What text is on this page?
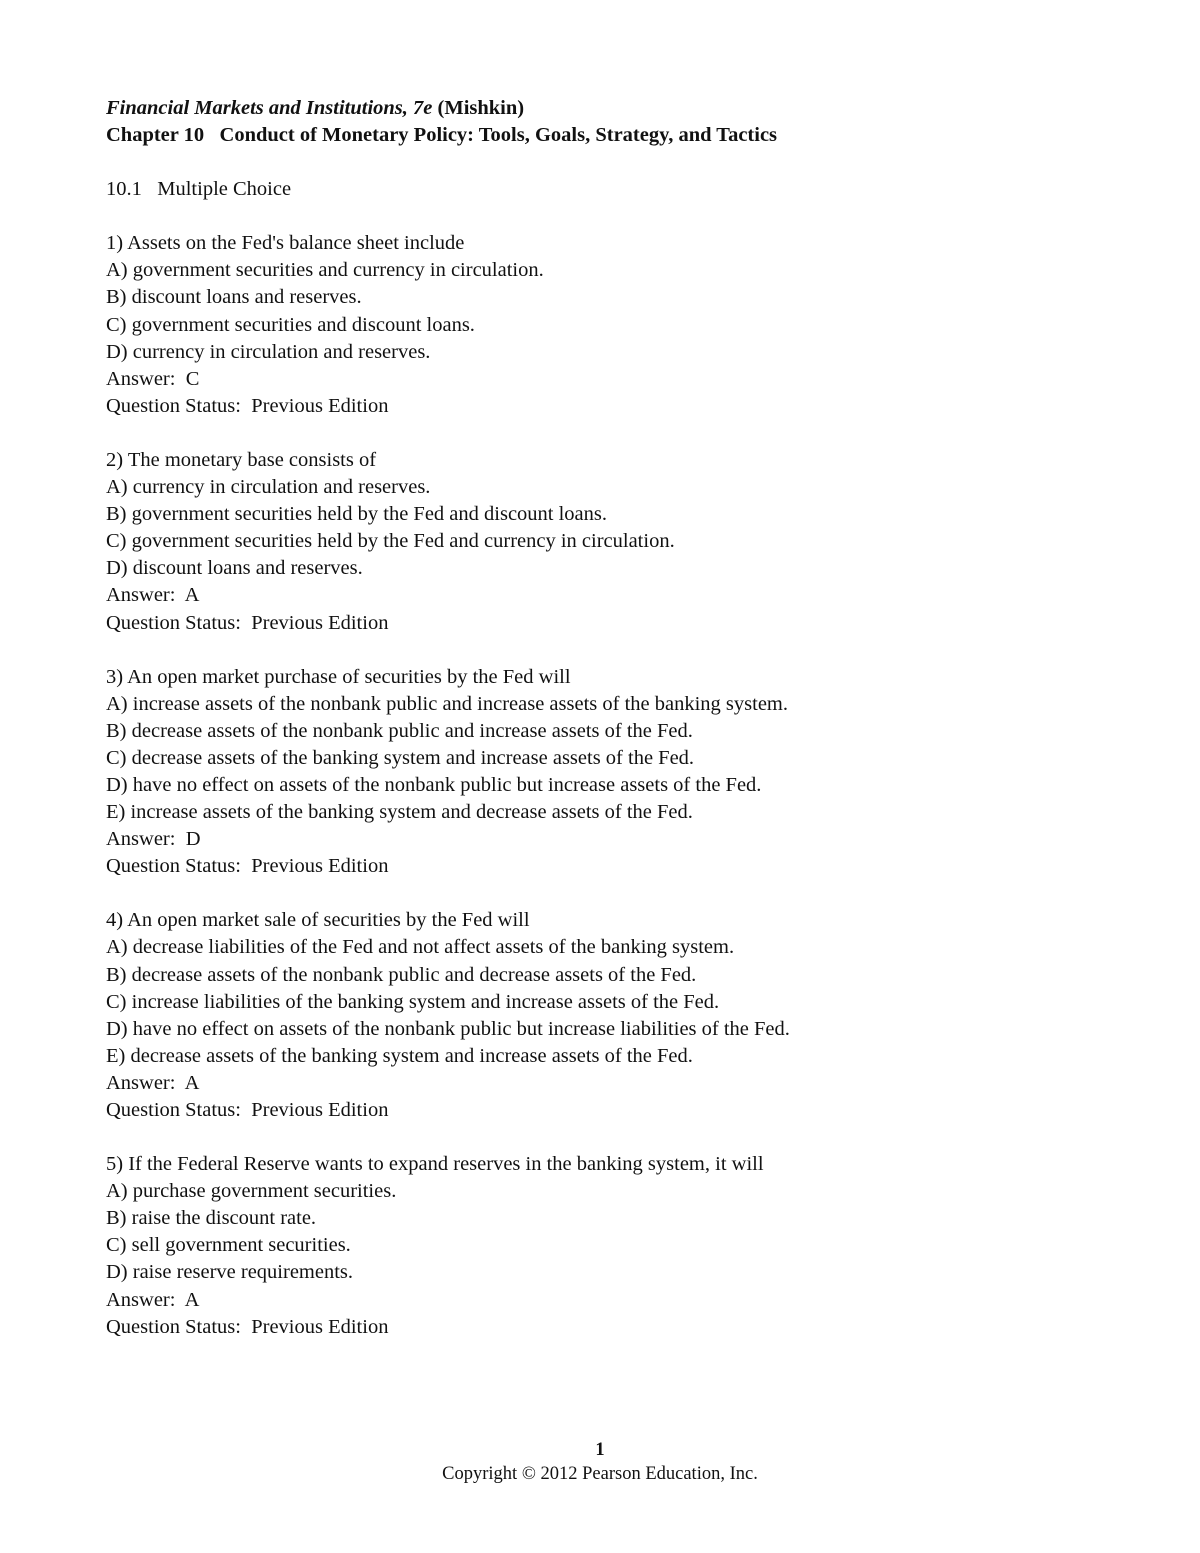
Financial Markets and Institutions, 7e (Mishkin)
Chapter 10   Conduct of Monetary Policy: Tools, Goals, Strategy, and Tactics
10.1   Multiple Choice
1) Assets on the Fed's balance sheet include
A) government securities and currency in circulation.
B) discount loans and reserves.
C) government securities and discount loans.
D) currency in circulation and reserves.
Answer:  C
Question Status:  Previous Edition
2) The monetary base consists of
A) currency in circulation and reserves.
B) government securities held by the Fed and discount loans.
C) government securities held by the Fed and currency in circulation.
D) discount loans and reserves.
Answer:  A
Question Status:  Previous Edition
3) An open market purchase of securities by the Fed will
A) increase assets of the nonbank public and increase assets of the banking system.
B) decrease assets of the nonbank public and increase assets of the Fed.
C) decrease assets of the banking system and increase assets of the Fed.
D) have no effect on assets of the nonbank public but increase assets of the Fed.
E) increase assets of the banking system and decrease assets of the Fed.
Answer:  D
Question Status:  Previous Edition
4) An open market sale of securities by the Fed will
A) decrease liabilities of the Fed and not affect assets of the banking system.
B) decrease assets of the nonbank public and decrease assets of the Fed.
C) increase liabilities of the banking system and increase assets of the Fed.
D) have no effect on assets of the nonbank public but increase liabilities of the Fed.
E) decrease assets of the banking system and increase assets of the Fed.
Answer:  A
Question Status:  Previous Edition
5) If the Federal Reserve wants to expand reserves in the banking system, it will
A) purchase government securities.
B) raise the discount rate.
C) sell government securities.
D) raise reserve requirements.
Answer:  A
Question Status:  Previous Edition
1
Copyright © 2012 Pearson Education, Inc.
